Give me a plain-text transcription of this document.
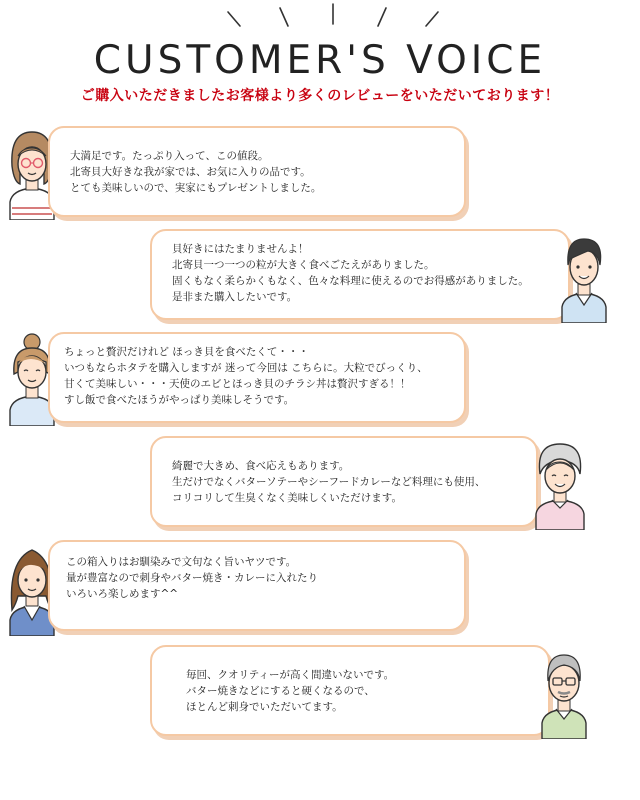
CUSTOMER'S VOICE
ご購入いただきましたお客様より多くのレビューをいただいております！

大満足です。たっぷり入って、この値段。

北寄貝大好きな我が家では、お気に入りの品です。

とても美味しいので、実家にもプレゼントしました。

貝好きにはたまりませんよ！

北寄貝一つ一つの粒が大きく食べごたえがありました。

固くもなく柔らかくもなく、色々な料理に使えるのでお得感がありました。

是非また購入したいです。

ちょっと贅沢だけれど ほっき貝を食べたくて・・・

いつもならホタテを購入しますが 迷って今回は こちらに。大粒でびっくり、

甘くて美味しい・・・天使のエビとほっき貝のチラシ丼は贅沢すぎる！！

すし飯で食べたほうがやっぱり美味しそうです。

綺麗で大きめ、食べ応えもあります。

生だけでなくバターソテーやシーフードカレーなど料理にも使用、

コリコリして生臭くなく美味しくいただけます。

この箱入りはお馴染みで文句なく旨いヤツです。

量が豊富なので刺身やバター焼き・カレーに入れたり

いろいろ楽しめます^^

毎回、クオリティーが高く間違いないです。

バター焼きなどにすると硬くなるので、

ほとんど刺身でいただいてます。
